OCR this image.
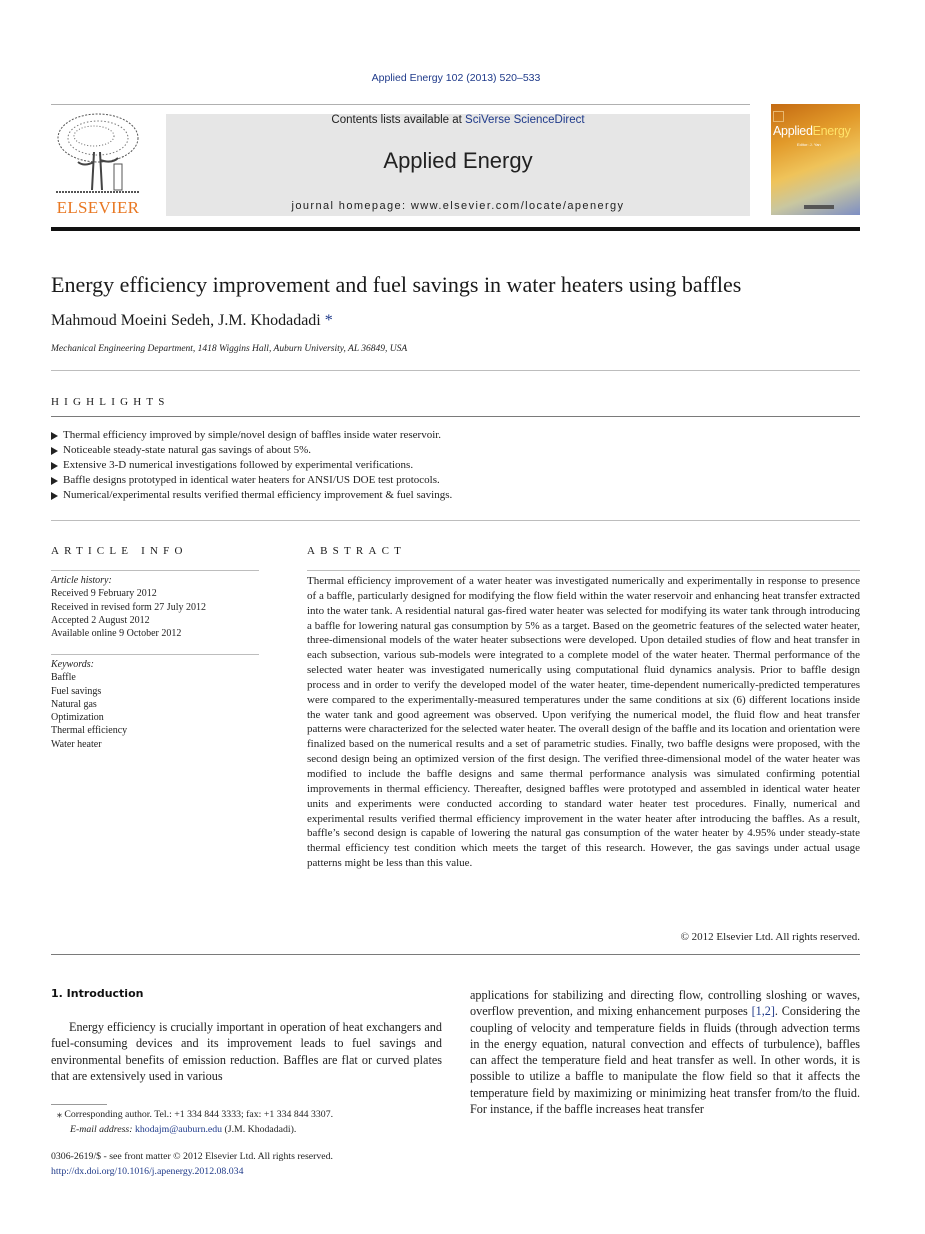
Applied Energy 102 (2013) 520–533
ELSEVIER
Contents lists available at SciVerse ScienceDirect
Applied Energy
journal homepage: www.elsevier.com/locate/apenergy
AppliedEnergy
Editor: J. Yan
Energy efficiency improvement and fuel savings in water heaters using baffles
Mahmoud Moeini Sedeh, J.M. Khodadadi *
Mechanical Engineering Department, 1418 Wiggins Hall, Auburn University, AL 36849, USA
HIGHLIGHTS
Thermal efficiency improved by simple/novel design of baffles inside water reservoir.
Noticeable steady-state natural gas savings of about 5%.
Extensive 3-D numerical investigations followed by experimental verifications.
Baffle designs prototyped in identical water heaters for ANSI/US DOE test protocols.
Numerical/experimental results verified thermal efficiency improvement & fuel savings.
ARTICLE INFO
Article history:
Received 9 February 2012
Received in revised form 27 July 2012
Accepted 2 August 2012
Available online 9 October 2012
Keywords:
Baffle
Fuel savings
Natural gas
Optimization
Thermal efficiency
Water heater
ABSTRACT
Thermal efficiency improvement of a water heater was investigated numerically and experimentally in response to presence of a baffle, particularly designed for modifying the flow field within the water reservoir and enhancing heat transfer extracted into the water tank. A residential natural gas-fired water heater was selected for modifying its water tank through introducing a baffle for lowering natural gas consumption by 5% as a target. Based on the geometric features of the selected water heater, three-dimensional models of the water heater subsections were developed. Upon detailed studies of flow and heat transfer in each subsection, various sub-models were integrated to a complete model of the water heater. Thermal performance of the selected water heater was investigated numerically using computational fluid dynamics analysis. Prior to baffle design process and in order to verify the developed model of the water heater, time-dependent numerically-predicted temperatures were compared to the experimentally-measured temperatures under the same conditions at six (6) different locations inside the water tank and good agreement was observed. Upon verifying the numerical model, the fluid flow and heat transfer patterns were characterized for the selected water heater. The overall design of the baffle and its location and orientation were finalized based on the numerical results and a set of parametric studies. Finally, two baffle designs were proposed, with the second design being an optimized version of the first design. The verified three-dimensional model of the water heater was modified to include the baffle designs and same thermal performance analysis was simulated confirming potential improvements in thermal efficiency. Thereafter, designed baffles were prototyped and assembled in identical water heater units and experiments were conducted according to standard water heater test procedures. Finally, numerical and experimental results verified thermal efficiency improvement in the water heater after introducing the baffles. As a result, baffle’s second design is capable of lowering the natural gas consumption of the water heater by 4.95% under steady-state thermal efficiency test condition which meets the target of this research. However, the gas savings under actual usage patterns might be less than this value.
© 2012 Elsevier Ltd. All rights reserved.
1. Introduction
Energy efficiency is crucially important in operation of heat exchangers and fuel-consuming devices and its improvement leads to fuel savings and environmental benefits of emission reduction. Baffles are flat or curved plates that are extensively used in various
applications for stabilizing and directing flow, controlling sloshing or waves, overflow prevention, and mixing enhancement purposes [1,2]. Considering the coupling of velocity and temperature fields in fluids (through advection terms in the energy equation, natural convection and effects of turbulence), baffles can affect the temperature field and heat transfer as well. In other words, it is possible to utilize a baffle to manipulate the flow field so that it affects the temperature field by maximizing or minimizing heat transfer from/to the fluid. For instance, if the baffle increases heat transfer
⁎ Corresponding author. Tel.: +1 334 844 3333; fax: +1 334 844 3307.
E-mail address: khodajm@auburn.edu (J.M. Khodadadi).
0306-2619/$ - see front matter © 2012 Elsevier Ltd. All rights reserved.
http://dx.doi.org/10.1016/j.apenergy.2012.08.034
